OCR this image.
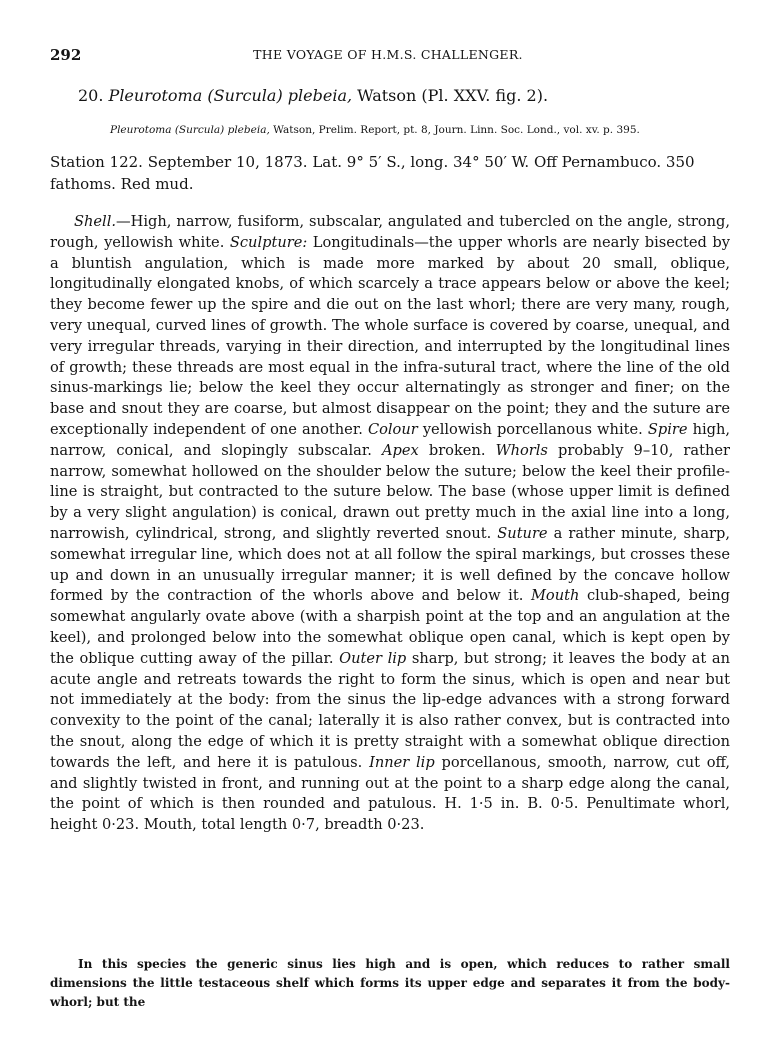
292	THE VOYAGE OF H.M.S. CHALLENGER.
20. Pleurotoma (Surcula) plebeia, Watson (Pl. XXV. fig. 2).
Pleurotoma (Surcula) plebeia, Watson, Prelim. Report, pt. 8, Journ. Linn. Soc. Lond., vol. xv. p. 395.

Station 122. September 10, 1873. Lat. 9° 5′ S., long. 34° 50′ W. Off Pernambuco. 350 fathoms. Red mud.

Shell.—High, narrow, fusiform, subscalar, angulated and tubercled on the angle, strong, rough, yellowish white. Sculpture: Longitudinals—the upper whorls are nearly bisected by a bluntish angulation, which is made more marked by about 20 small, oblique, longitudinally elongated knobs, of which scarcely a trace appears below or above the keel; they become fewer up the spire and die out on the last whorl; there are very many, rough, very unequal, curved lines of growth. The whole surface is covered by coarse, unequal, and very irregular threads, varying in their direction, and interrupted by the longitudinal lines of growth; these threads are most equal in the infra-sutural tract, where the line of the old sinus-markings lie; below the keel they occur alternatingly as stronger and finer; on the base and snout they are coarse, but almost disappear on the point; they and the suture are exceptionally independent of one another. Colour yellowish porcellanous white. Spire high, narrow, conical, and slopingly subscalar. Apex broken. Whorls probably 9–10, rather narrow, somewhat hollowed on the shoulder below the suture; below the keel their profile-line is straight, but contracted to the suture below. The base (whose upper limit is defined by a very slight angulation) is conical, drawn out pretty much in the axial line into a long, narrowish, cylindrical, strong, and slightly reverted snout. Suture a rather minute, sharp, somewhat irregular line, which does not at all follow the spiral markings, but crosses these up and down in an unusually irregular manner; it is well defined by the concave hollow formed by the contraction of the whorls above and below it. Mouth club-shaped, being somewhat angularly ovate above (with a sharpish point at the top and an angulation at the keel), and prolonged below into the somewhat oblique open canal, which is kept open by the oblique cutting away of the pillar. Outer lip sharp, but strong; it leaves the body at an acute angle and retreats towards the right to form the sinus, which is open and near but not immediately at the body: from the sinus the lip-edge advances with a strong forward convexity to the point of the canal; laterally it is also rather convex, but is contracted into the snout, along the edge of which it is pretty straight with a somewhat oblique direction towards the left, and here it is patulous. Inner lip porcellanous, smooth, narrow, cut off, and slightly twisted in front, and running out at the point to a sharp edge along the canal, the point of which is then rounded and patulous. H. 1·5 in. B. 0·5. Penultimate whorl, height 0·23. Mouth, total length 0·7, breadth 0·23.

In this species the generic sinus lies high and is open, which reduces to rather small dimensions the little testaceous shelf which forms its upper edge and separates it from the body-whorl; but the
